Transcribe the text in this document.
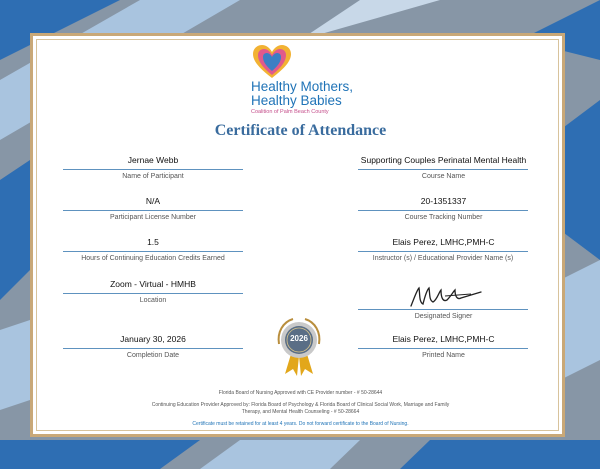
Healthy Mothers,
Healthy Babies
Coalition of Palm Beach County
Certificate of Attendance
Jernae Webb
Name of Participant
Supporting Couples Perinatal Mental Health
Course Name
N/A
Participant License Number
20-1351337
Course Tracking Number
1.5
Hours of Continuing Education Credits Earned
Elais Perez, LMHC,PMH-C
Instructor (s) / Educational Provider Name (s)
Zoom - Virtual - HMHB
Location
Designated Signer
January 30, 2026
Completion Date
Elais Perez, LMHC,PMH-C
Printed Name
2026
Florida Board of Nursing Approved with CE Provider number - # 50-28644
Continuing Education Provider Approved by: Florida Board of Psychology & Florida Board of Clinical Social Work, Marriage and Family
Therapy, and Mental Health Counseling - # 50-28664
Certificate must be retained for at least 4 years. Do not forward certificate to the Board of Nursing.
